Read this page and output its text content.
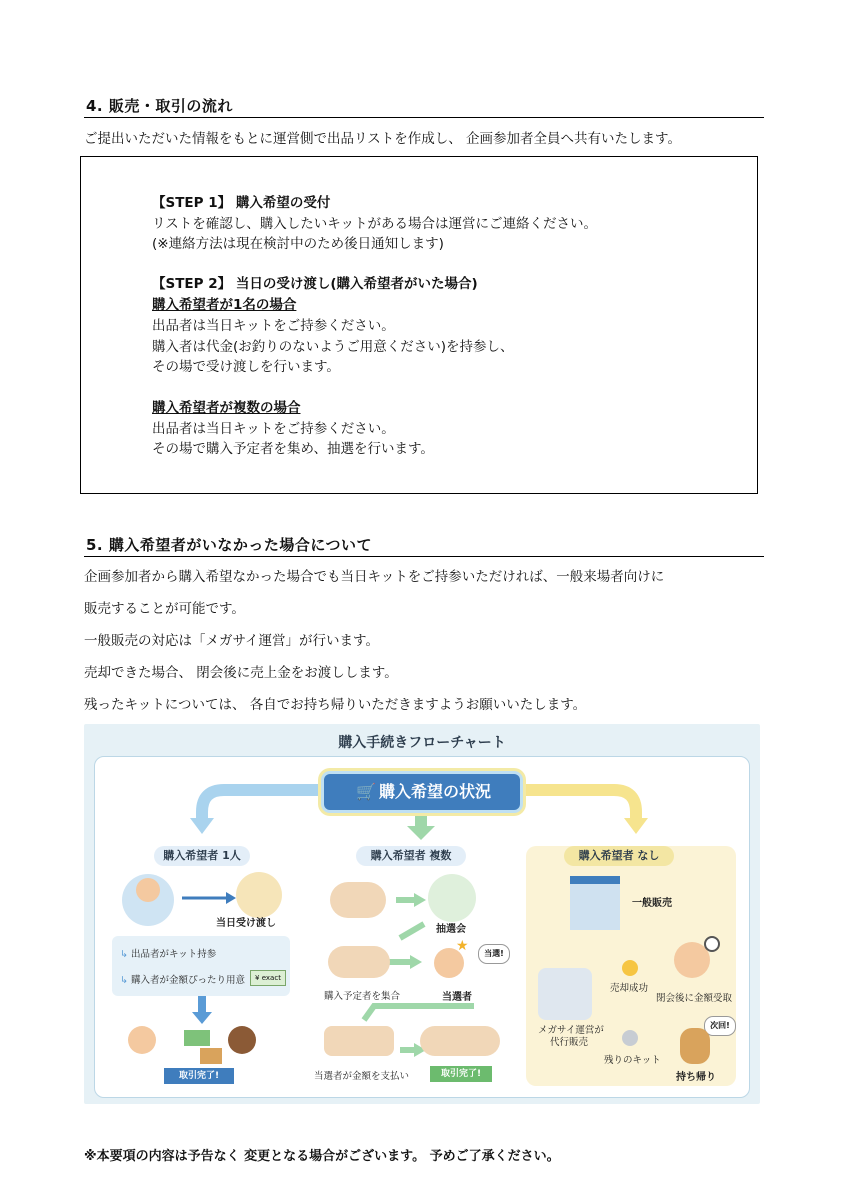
4. 販売・取引の流れ
ご提出いただいた情報をもとに運営側で出品リストを作成し、 企画参加者全員へ共有いたします。
【STEP 1】 購入希望の受付
リストを確認し、購入したいキットがある場合は運営にご連絡ください。
(※連絡方法は現在検討中のため後日通知します)
【STEP 2】 当日の受け渡し(購入希望者がいた場合)
購入希望者が1名の場合
出品者は当日キットをご持参ください。
購入者は代金(お釣りのないようご用意ください)を持参し、
その場で受け渡しを行います。
購入希望者が複数の場合
出品者は当日キットをご持参ください。
その場で購入予定者を集め、抽選を行います。
5. 購入希望者がいなかった場合について
企画参加者から購入希望なかった場合でも当日キットをご持参いただければ、一般来場者向けに
販売することが可能です。
一般販売の対応は「メガサイ運営」が行います。
売却できた場合、 閉会後に売上金をお渡しします。
残ったキットについては、 各自でお持ち帰りいただきますようお願いいたします。
購入手続きフローチャート
🛒 購入希望の状況
購入希望者 1人
当日受け渡し
↳ 出品者がキット持参
↳ 購入者が金額ぴったり用意	¥ exact
取引完了!
購入希望者 複数
抽選会
購入予定者を集合
★	当選!
当選者
当選者が金額を支払い	取引完了!
購入希望者 なし
一般販売
メガサイ運営が
代行販売
売却成功
閉会後に金額受取
残りのキット
次回!
持ち帰り
※本要項の内容は予告なく 変更となる場合がございます。 予めご了承ください。
